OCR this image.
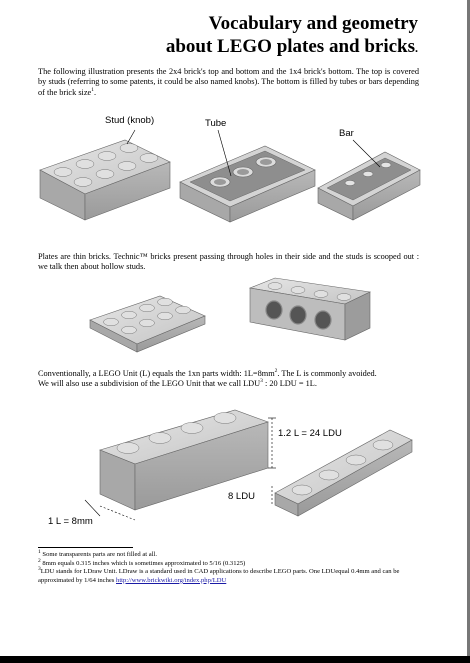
Vocabulary and geometry
about LEGO plates and bricks.
The following illustration presents the 2x4 brick's top and bottom and the 1x4 brick's bottom. The top is covered by studs (referring to some patents, it could be also named knobs). The bottom is filled by tubes or bars depending of the brick size$^1$.
Stud (knob)	Tube
Bar
Plates are thin bricks. Technic™ bricks present passing through holes in their side and the studs is scooped out : we talk then about hollow studs.
Conventionally, a LEGO Unit (L) equals the 1xn parts width: $1L=8mm^2$. The L is commonly avoided.
We will also use a subdivision of the LEGO Unit that we call LDU$^3$ : 20 LDU = 1L.
1.2 L = 24 LDU
8 LDU
1 L = 8mm
$^1$ Some transparents parts are not filled at all.
$^2$ 8mm equals 0.315 inches which is sometimes approximated to 5/16 (0.3125)
$^3$LDU stands for LDraw Unit. LDraw is a standard used in CAD applications to describe LEGO parts. One LDUequal 0.4mm and can be approximated by 1/64 inches http://www.brickwiki.org/index.php/LDU
